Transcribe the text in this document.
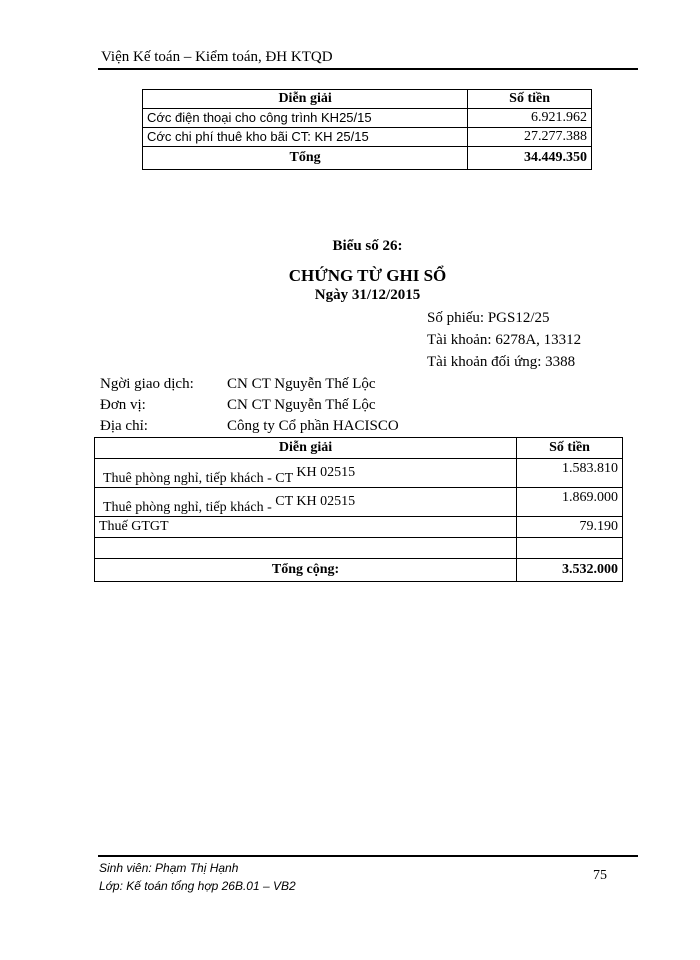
Viện Kế toán – Kiểm toán, ĐH KTQD
Diễn giải	Số tiền
Cớc điện thoại cho công trình KH25/15	6.921.962
Cớc chi phí thuê kho bãi CT: KH 25/15	27.277.388
Tổng	34.449.350
Biểu số 26:
CHỨNG TỪ GHI SỔ
Ngày 31/12/2015
Số phiếu: PGS12/25
Tài khoản: 6278A, 13312
Tài khoản đối ứng: 3388
Ngời giao dịch: CN CT Nguyễn Thế Lộc
Đơn vị:	CN CT Nguyễn Thế Lộc
Địa chỉ:	Công ty Cổ phần HACISCO
Diễn giải	Số tiền
Thuê phòng nghỉ, tiếp khách - CT KH 02515	1.583.810
Thuê phòng nghỉ, tiếp khách - CT KH 02515	1.869.000
Thuế GTGT	79.190

Tổng cộng:	3.532.000
Sinh viên: Phạm Thị Hạnh
Lớp: Kế toán tổng hợp 26B.01 – VB2
75
